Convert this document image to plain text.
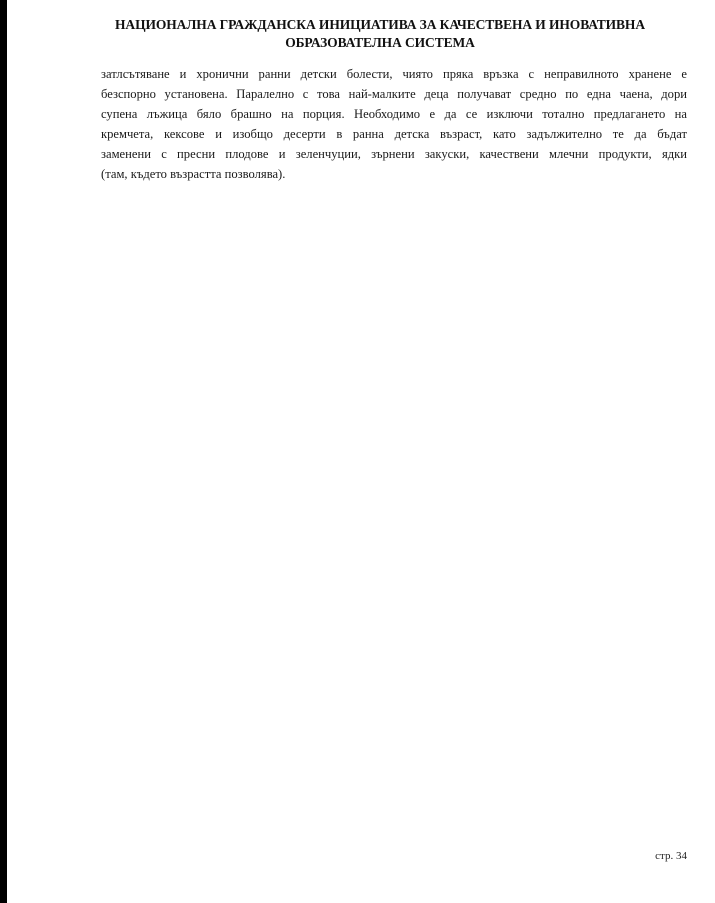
НАЦИОНАЛНА ГРАЖДАНСКА ИНИЦИАТИВА ЗА КАЧЕСТВЕНА И ИНОВАТИВНА
ОБРАЗОВАТЕЛНА СИСТЕМА
затлсътяване и хронични ранни детски болести, чиято пряка връзка с неправилното хранене е
безспорно установена. Паралелно с това най-малките деца получават средно по една чаена, дори
супена лъжица бяло брашно на порция. Необходимо е да се изключи тотално предлагането на
кремчета, кексове и изобщо десерти в ранна детска възраст, като задължително те да бъдат
заменени с пресни плодове и зеленчуции, зърнени закуски, качествени млечни продукти, ядки
(там, където възрастта позволява).
стр. 34
